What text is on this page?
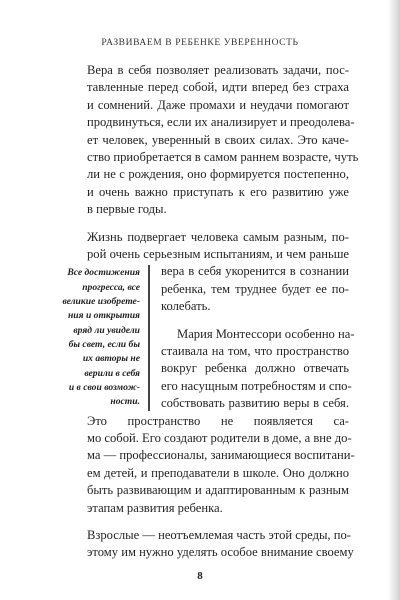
РАЗВИВАЕМ В РЕБЕНКЕ УВЕРЕННОСТЬ
Все достижения
прогресса, все
великие изобрете-
ния и открытия
вряд ли увидели
бы свет, если бы
их авторы не
верили в себя
и в свои возмож-
ности.
8
Вера в себя позволяет реализовать задачи, пос-
тавленные перед собой, идти вперед без страха
и сомнений. Даже промахи и неудачи помогают
продвинуться, если их анализирует и преодолева-
ет человек, уверенный в своих силах. Это каче-
ство приобретается в самом раннем возрасте, чуть
ли не с рождения, оно формируется постепенно,
и очень важно приступать к его развитию уже
в первые годы.
Жизнь подвергает человека самым разным, по-
рой очень серьезным испытаниям, и чем раньше
вера в себя укоренится в сознании
ребенка, тем труднее будет ее по-
колебать.
Мария Монтессори особенно на-
стаивала на том, что пространство
вокруг ребенка должно отвечать
его насущным потребностям и спо-
собствовать развитию веры в себя.
Это пространство не появляется са-
мо собой. Его создают родители в доме, а вне до-
ма — профессионалы, занимающиеся воспитани-
ем детей, и преподаватели в школе. Оно должно
быть развивающим и адаптированным к разным
этапам развития ребенка.
Взрослые — неотъемлемая часть этой среды, по-
этому им нужно уделять особое внимание своему
